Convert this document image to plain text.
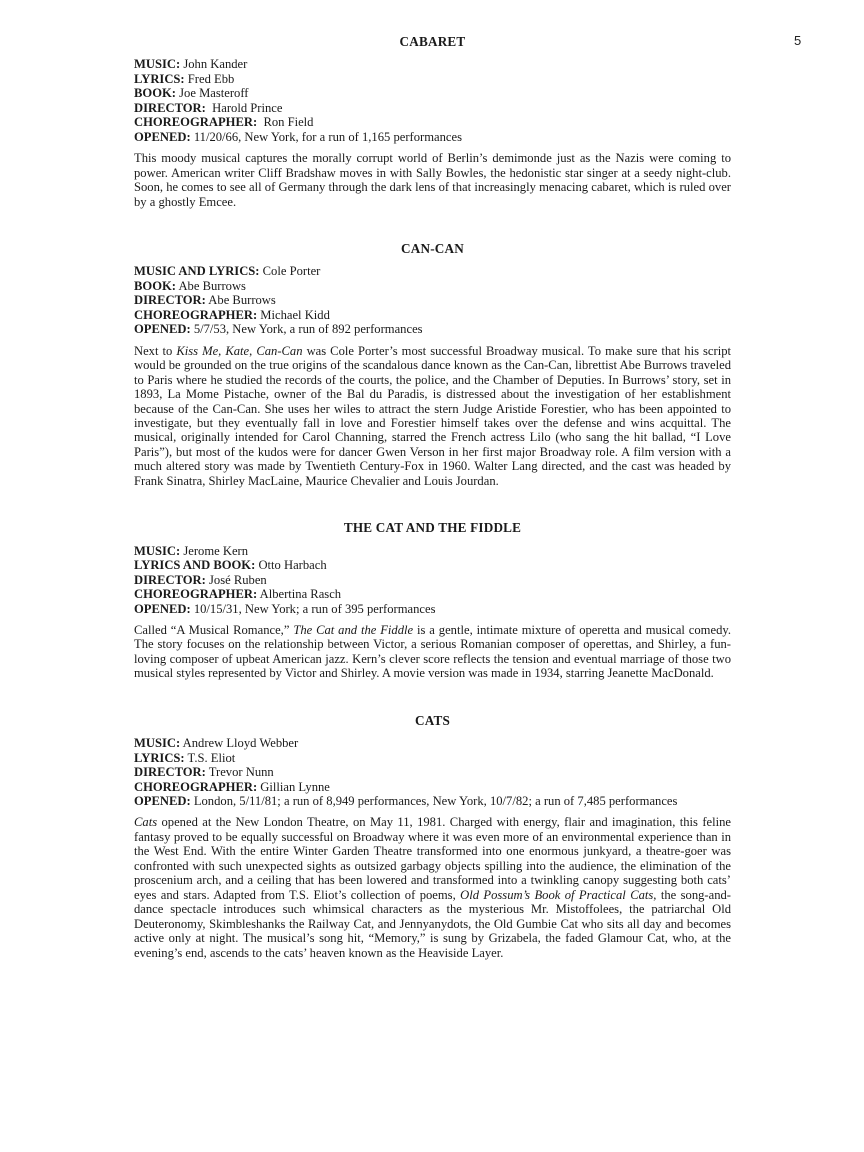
5
CABARET
MUSIC: John Kander
LYRICS: Fred Ebb
BOOK: Joe Masteroff
DIRECTOR:  Harold Prince
CHOREOGRAPHER:  Ron Field
OPENED: 11/20/66, New York, for a run of 1,165 performances

This moody musical captures the morally corrupt world of Berlin’s demimonde just as the Nazis were coming to power. American writer Cliff Bradshaw moves in with Sally Bowles, the hedonistic star singer at a seedy night-club. Soon, he comes to see all of Germany through the dark lens of that increasingly menacing cabaret, which is ruled over by a ghostly Emcee.

CAN-CAN
MUSIC AND LYRICS: Cole Porter
BOOK: Abe Burrows
DIRECTOR: Abe Burrows
CHOREOGRAPHER: Michael Kidd
OPENED: 5/7/53, New York, a run of 892 performances

Next to Kiss Me, Kate, Can-Can was Cole Porter’s most successful Broadway musical. To make sure that his script would be grounded on the true origins of the scandalous dance known as the Can-Can, librettist Abe Burrows traveled to Paris where he studied the records of the courts, the police, and the Chamber of Deputies. In Burrows’ story, set in 1893, La Mome Pistache, owner of the Bal du Paradis, is distressed about the investigation of her establishment because of the Can-Can. She uses her wiles to attract the stern Judge Aristide Forestier, who has been appointed to investigate, but they eventually fall in love and Forestier himself takes over the defense and wins acquittal. The musical, originally intended for Carol Channing, starred the French actress Lilo (who sang the hit ballad, “I Love Paris”), but most of the kudos were for dancer Gwen Verson in her first major Broadway role. A film version with a much altered story was made by Twentieth Century-Fox in 1960. Walter Lang directed, and the cast was headed by Frank Sinatra, Shirley MacLaine, Maurice Chevalier and Louis Jourdan.

THE CAT AND THE FIDDLE
MUSIC: Jerome Kern
LYRICS AND BOOK: Otto Harbach
DIRECTOR: José Ruben
CHOREOGRAPHER: Albertina Rasch
OPENED: 10/15/31, New York; a run of 395 performances

Called “A Musical Romance,” The Cat and the Fiddle is a gentle, intimate mixture of operetta and musical comedy. The story focuses on the relationship between Victor, a serious Romanian composer of operettas, and Shirley, a fun-loving composer of upbeat American jazz. Kern’s clever score reflects the tension and eventual marriage of those two musical styles represented by Victor and Shirley. A movie version was made in 1934, starring Jeanette MacDonald.

CATS
MUSIC: Andrew Lloyd Webber
LYRICS: T.S. Eliot
DIRECTOR: Trevor Nunn
CHOREOGRAPHER: Gillian Lynne
OPENED: London, 5/11/81; a run of 8,949 performances, New York, 10/7/82; a run of 7,485 performances

Cats opened at the New London Theatre, on May 11, 1981. Charged with energy, flair and imagination, this feline fantasy proved to be equally successful on Broadway where it was even more of an environmental experience than in the West End. With the entire Winter Garden Theatre transformed into one enormous junkyard, a theatre-goer was confronted with such unexpected sights as outsized garbagy objects spilling into the audience, the elimination of the proscenium arch, and a ceiling that has been lowered and transformed into a twinkling canopy suggesting both cats’ eyes and stars. Adapted from T.S. Eliot’s collection of poems, Old Possum’s Book of Practical Cats, the song-and-dance spectacle introduces such whimsical characters as the mysterious Mr. Mistoffolees, the patriarchal Old Deuteronomy, Skimbleshanks the Railway Cat, and Jennyanydots, the Old Gumbie Cat who sits all day and becomes active only at night. The musical’s song hit, “Memory,” is sung by Grizabela, the faded Glamour Cat, who, at the evening’s end, ascends to the cats’ heaven known as the Heaviside Layer.
